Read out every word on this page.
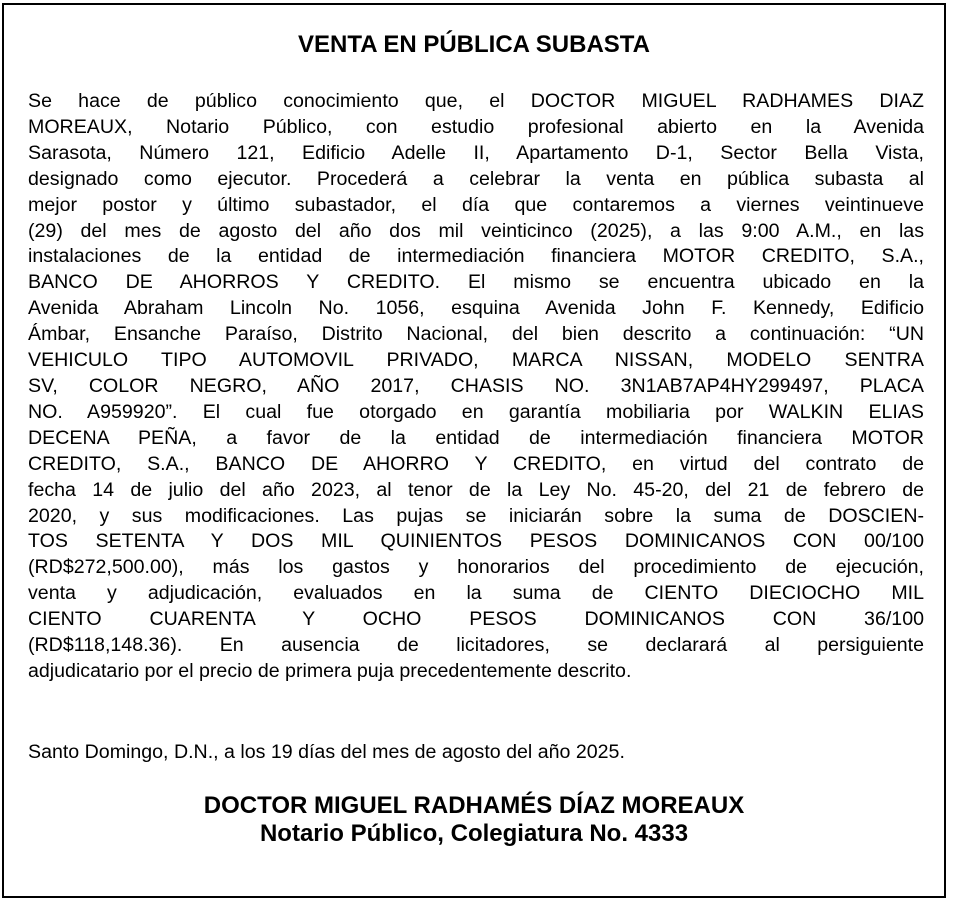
VENTA EN PÚBLICA SUBASTA

Se hace de público conocimiento que, el DOCTOR MIGUEL RADHAMES DIAZ
MOREAUX, Notario Público, con estudio profesional abierto en la Avenida
Sarasota, Número 121, Edificio Adelle II, Apartamento D-1, Sector Bella Vista,
designado como ejecutor. Procederá a celebrar la venta en pública subasta al
mejor postor y último subastador, el día que contaremos a viernes veintinueve
(29) del mes de agosto del año dos mil veinticinco (2025), a las 9:00 A.M., en las
instalaciones de la entidad de intermediación financiera MOTOR CREDITO, S.A.,
BANCO DE AHORROS Y CREDITO. El mismo se encuentra ubicado en la
Avenida Abraham Lincoln No. 1056, esquina Avenida John F. Kennedy, Edificio
Ámbar, Ensanche Paraíso, Distrito Nacional, del bien descrito a continuación: “UN
VEHICULO TIPO AUTOMOVIL PRIVADO, MARCA NISSAN, MODELO SENTRA
SV, COLOR NEGRO, AÑO 2017, CHASIS NO. 3N1AB7AP4HY299497, PLACA
NO. A959920”. El cual fue otorgado en garantía mobiliaria por WALKIN ELIAS
DECENA PEÑA, a favor de la entidad de intermediación financiera MOTOR
CREDITO, S.A., BANCO DE AHORRO Y CREDITO, en virtud del contrato de
fecha 14 de julio del año 2023, al tenor de la Ley No. 45-20, del 21 de febrero de
2020, y sus modificaciones. Las pujas se iniciarán sobre la suma de DOSCIEN-
TOS SETENTA Y DOS MIL QUINIENTOS PESOS DOMINICANOS CON 00/100
(RD$272,500.00), más los gastos y honorarios del procedimiento de ejecución,
venta y adjudicación, evaluados en la suma de CIENTO DIECIOCHO MIL
CIENTO CUARENTA Y OCHO PESOS DOMINICANOS CON 36/100
(RD$118,148.36). En ausencia de licitadores, se declarará al persiguiente
adjudicatario por el precio de primera puja precedentemente descrito.

Santo Domingo, D.N., a los 19 días del mes de agosto del año 2025.

DOCTOR MIGUEL RADHAMÉS DÍAZ MOREAUX
Notario Público, Colegiatura No. 4333
